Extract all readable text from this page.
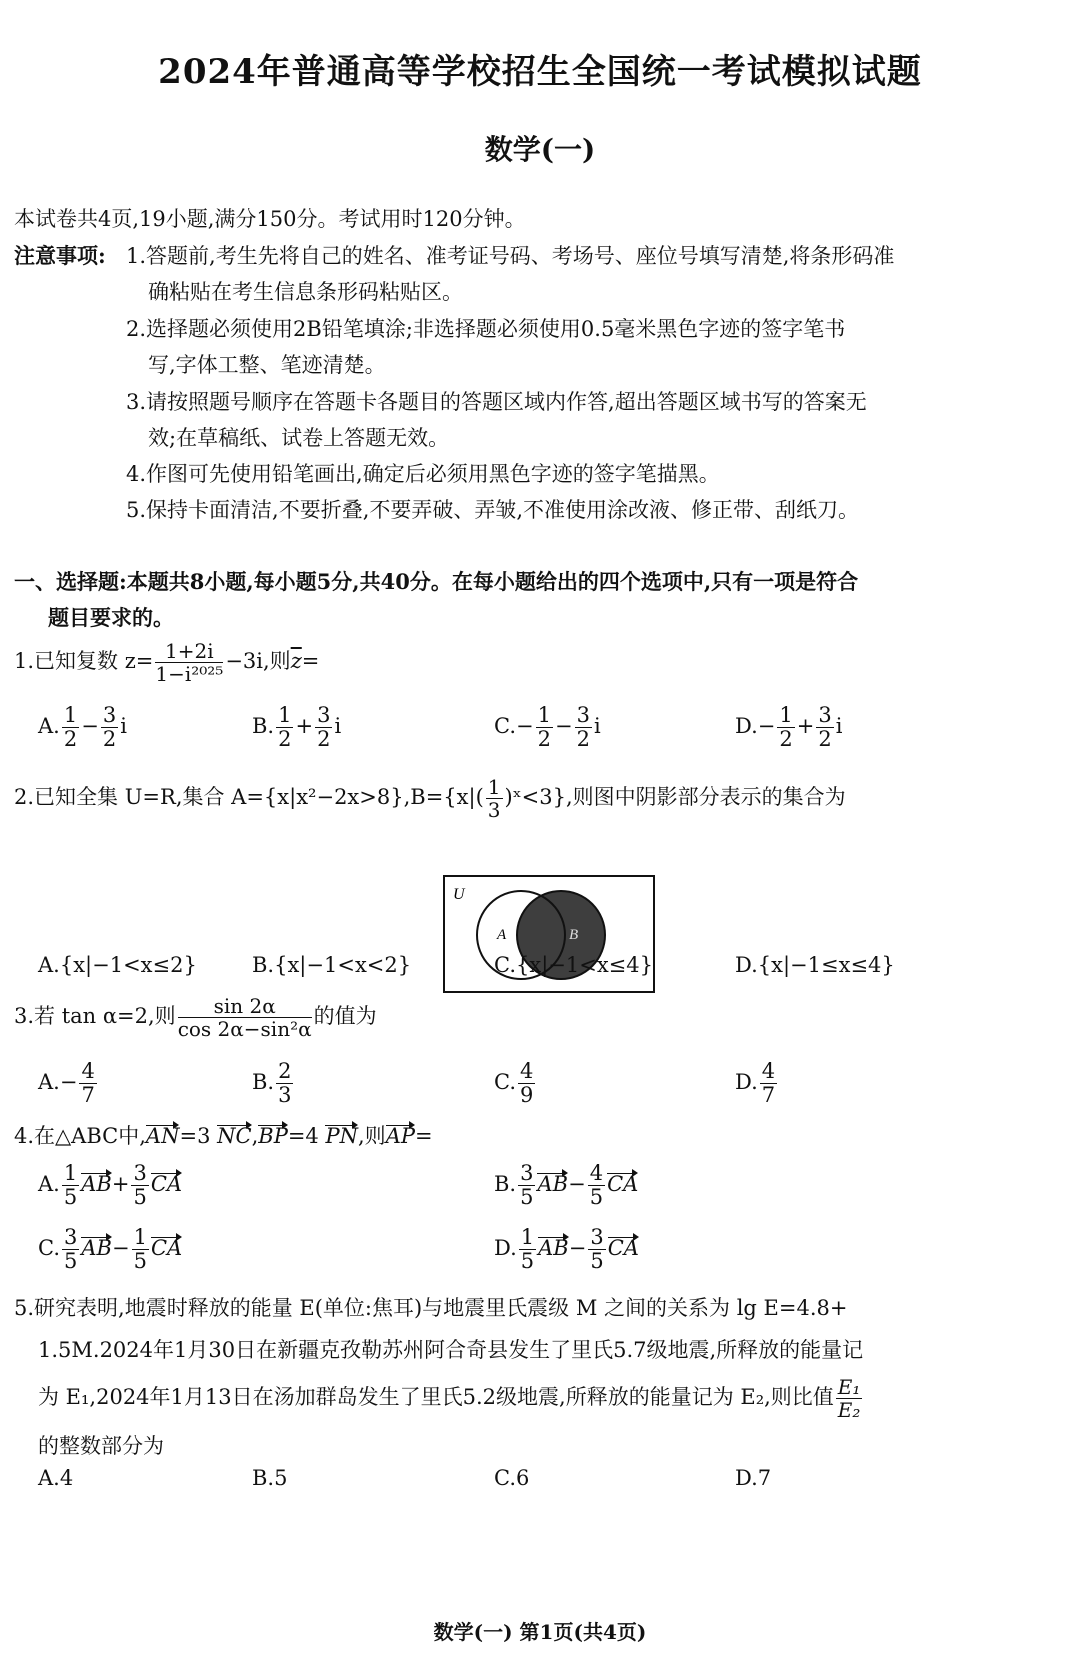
2024年普通高等学校招生全国统一考试模拟试题
数学(一)
本试卷共4页,19小题,满分150分。考试用时120分钟。
注意事项: 1.答题前,考生先将自己的姓名、准考证号码、考场号、座位号填写清楚,将条形码准
确粘贴在考生信息条形码粘贴区。
2.选择题必须使用2B铅笔填涂;非选择题必须使用0.5毫米黑色字迹的签字笔书
写,字体工整、笔迹清楚。
3.请按照题号顺序在答题卡各题目的答题区域内作答,超出答题区域书写的答案无
效;在草稿纸、试卷上答题无效。
4.作图可先使用铅笔画出,确定后必须用黑色字迹的签字笔描黑。
5.保持卡面清洁,不要折叠,不要弄破、弄皱,不准使用涂改液、修正带、刮纸刀。
一、选择题:本题共8小题,每小题5分,共40分。在每小题给出的四个选项中,只有一项是符合
题目要求的。
1.已知复数 $z= \frac{1+2i}{\text{1−i²⁰²⁵}} -3i$,则$\overline{z}=$
A. $\frac{1}{2} - \frac{3}{2}$ i	B. $\frac{1}{2} + \frac{3}{2}$ i	$C.- \frac{1}{2} - \frac{3}{2}$ i	$D.- \frac{1}{2} + \frac{3}{2}$ i
2.已知全集 U=R,集合 $A=\{x|x^2-2x>8\},B=\{x|( \frac{1}{3}$ )ˣ<3},则图中阴影部分表示的集合为
U
A	B
A.{x|−1<x≤2}	B.{x|−1<x<2}	C.{x|−1<x≤4}	D.{x|−1≤x≤4}
3.若 tan α=2,则 $\frac{\sin 2\alpha}{\text{cos 2α−sin²α}}$ 的值为
$A.- \frac{4}{7}$	B. $\frac{2}{3}$	C. $\frac{4}{9}$	D. $\frac{4}{7}$
4.在△ABC中,AN=3 NC,BP=4 PN,则AP=
A. $\frac{1}{5} AB+ \frac{3}{5}$ CA	B. $\frac{3}{5} AB- \frac{4}{5}$ CA
C. $\frac{3}{5} AB- \frac{1}{5}$ CA	D. $\frac{1}{5} AB- \frac{3}{5}$ CA
5.研究表明,地震时释放的能量 E(单位:焦耳)与地震里氏震级 M 之间的关系为 lg E=4.8+
1.5M.2024年1月30日在新疆克孜勒苏州阿合奇县发生了里氏5.7级地震,所释放的能量记
为 E₁,2024年1月13日在汤加群岛发生了里氏5.2级地震,所释放的能量记为 E₂,则比值 $\frac{\text{E₁}}{\text{E₂}}$
的整数部分为
A.4	B.5	C.6	D.7
数学(一) 第1页(共4页)
